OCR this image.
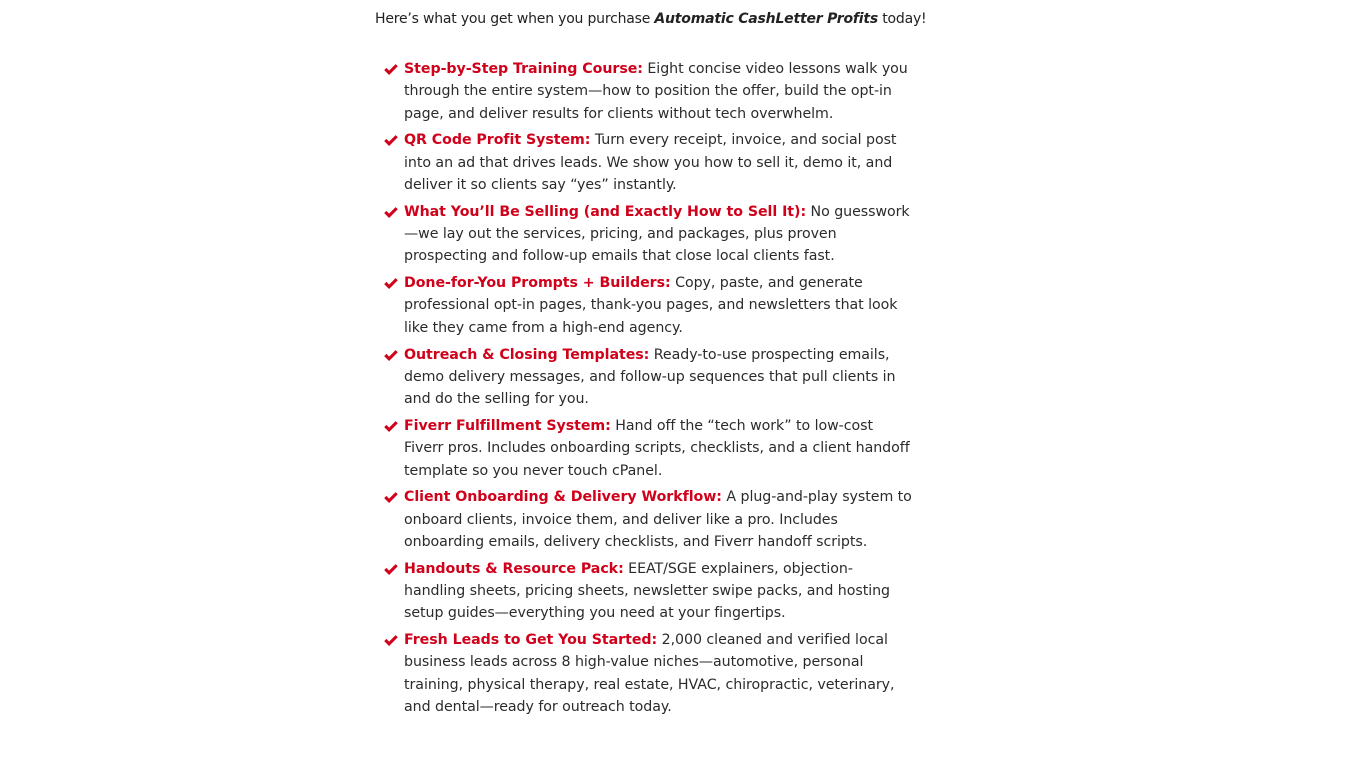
Here’s what you get when you purchase Automatic CashLetter Profits today!
Step-by-Step Training Course: Eight concise video lessons walk you through the entire system—how to position the offer, build the opt-in page, and deliver results for clients without tech overwhelm.
QR Code Profit System: Turn every receipt, invoice, and social post into an ad that drives leads. We show you how to sell it, demo it, and deliver it so clients say “yes” instantly.
What You’ll Be Selling (and Exactly How to Sell It): No guesswork—we lay out the services, pricing, and packages, plus proven prospecting and follow-up emails that close local clients fast.
Done-for-You Prompts + Builders: Copy, paste, and generate professional opt-in pages, thank-you pages, and newsletters that look like they came from a high-end agency.
Outreach & Closing Templates: Ready-to-use prospecting emails, demo delivery messages, and follow-up sequences that pull clients in and do the selling for you.
Fiverr Fulfillment System: Hand off the “tech work” to low-cost Fiverr pros. Includes onboarding scripts, checklists, and a client handoff template so you never touch cPanel.
Client Onboarding & Delivery Workflow: A plug-and-play system to onboard clients, invoice them, and deliver like a pro. Includes onboarding emails, delivery checklists, and Fiverr handoff scripts.
Handouts & Resource Pack: EEAT/SGE explainers, objection-handling sheets, pricing sheets, newsletter swipe packs, and hosting setup guides—everything you need at your fingertips.
Fresh Leads to Get You Started: 2,000 cleaned and verified local business leads across 8 high-value niches—automotive, personal training, physical therapy, real estate, HVAC, chiropractic, veterinary, and dental—ready for outreach today.
